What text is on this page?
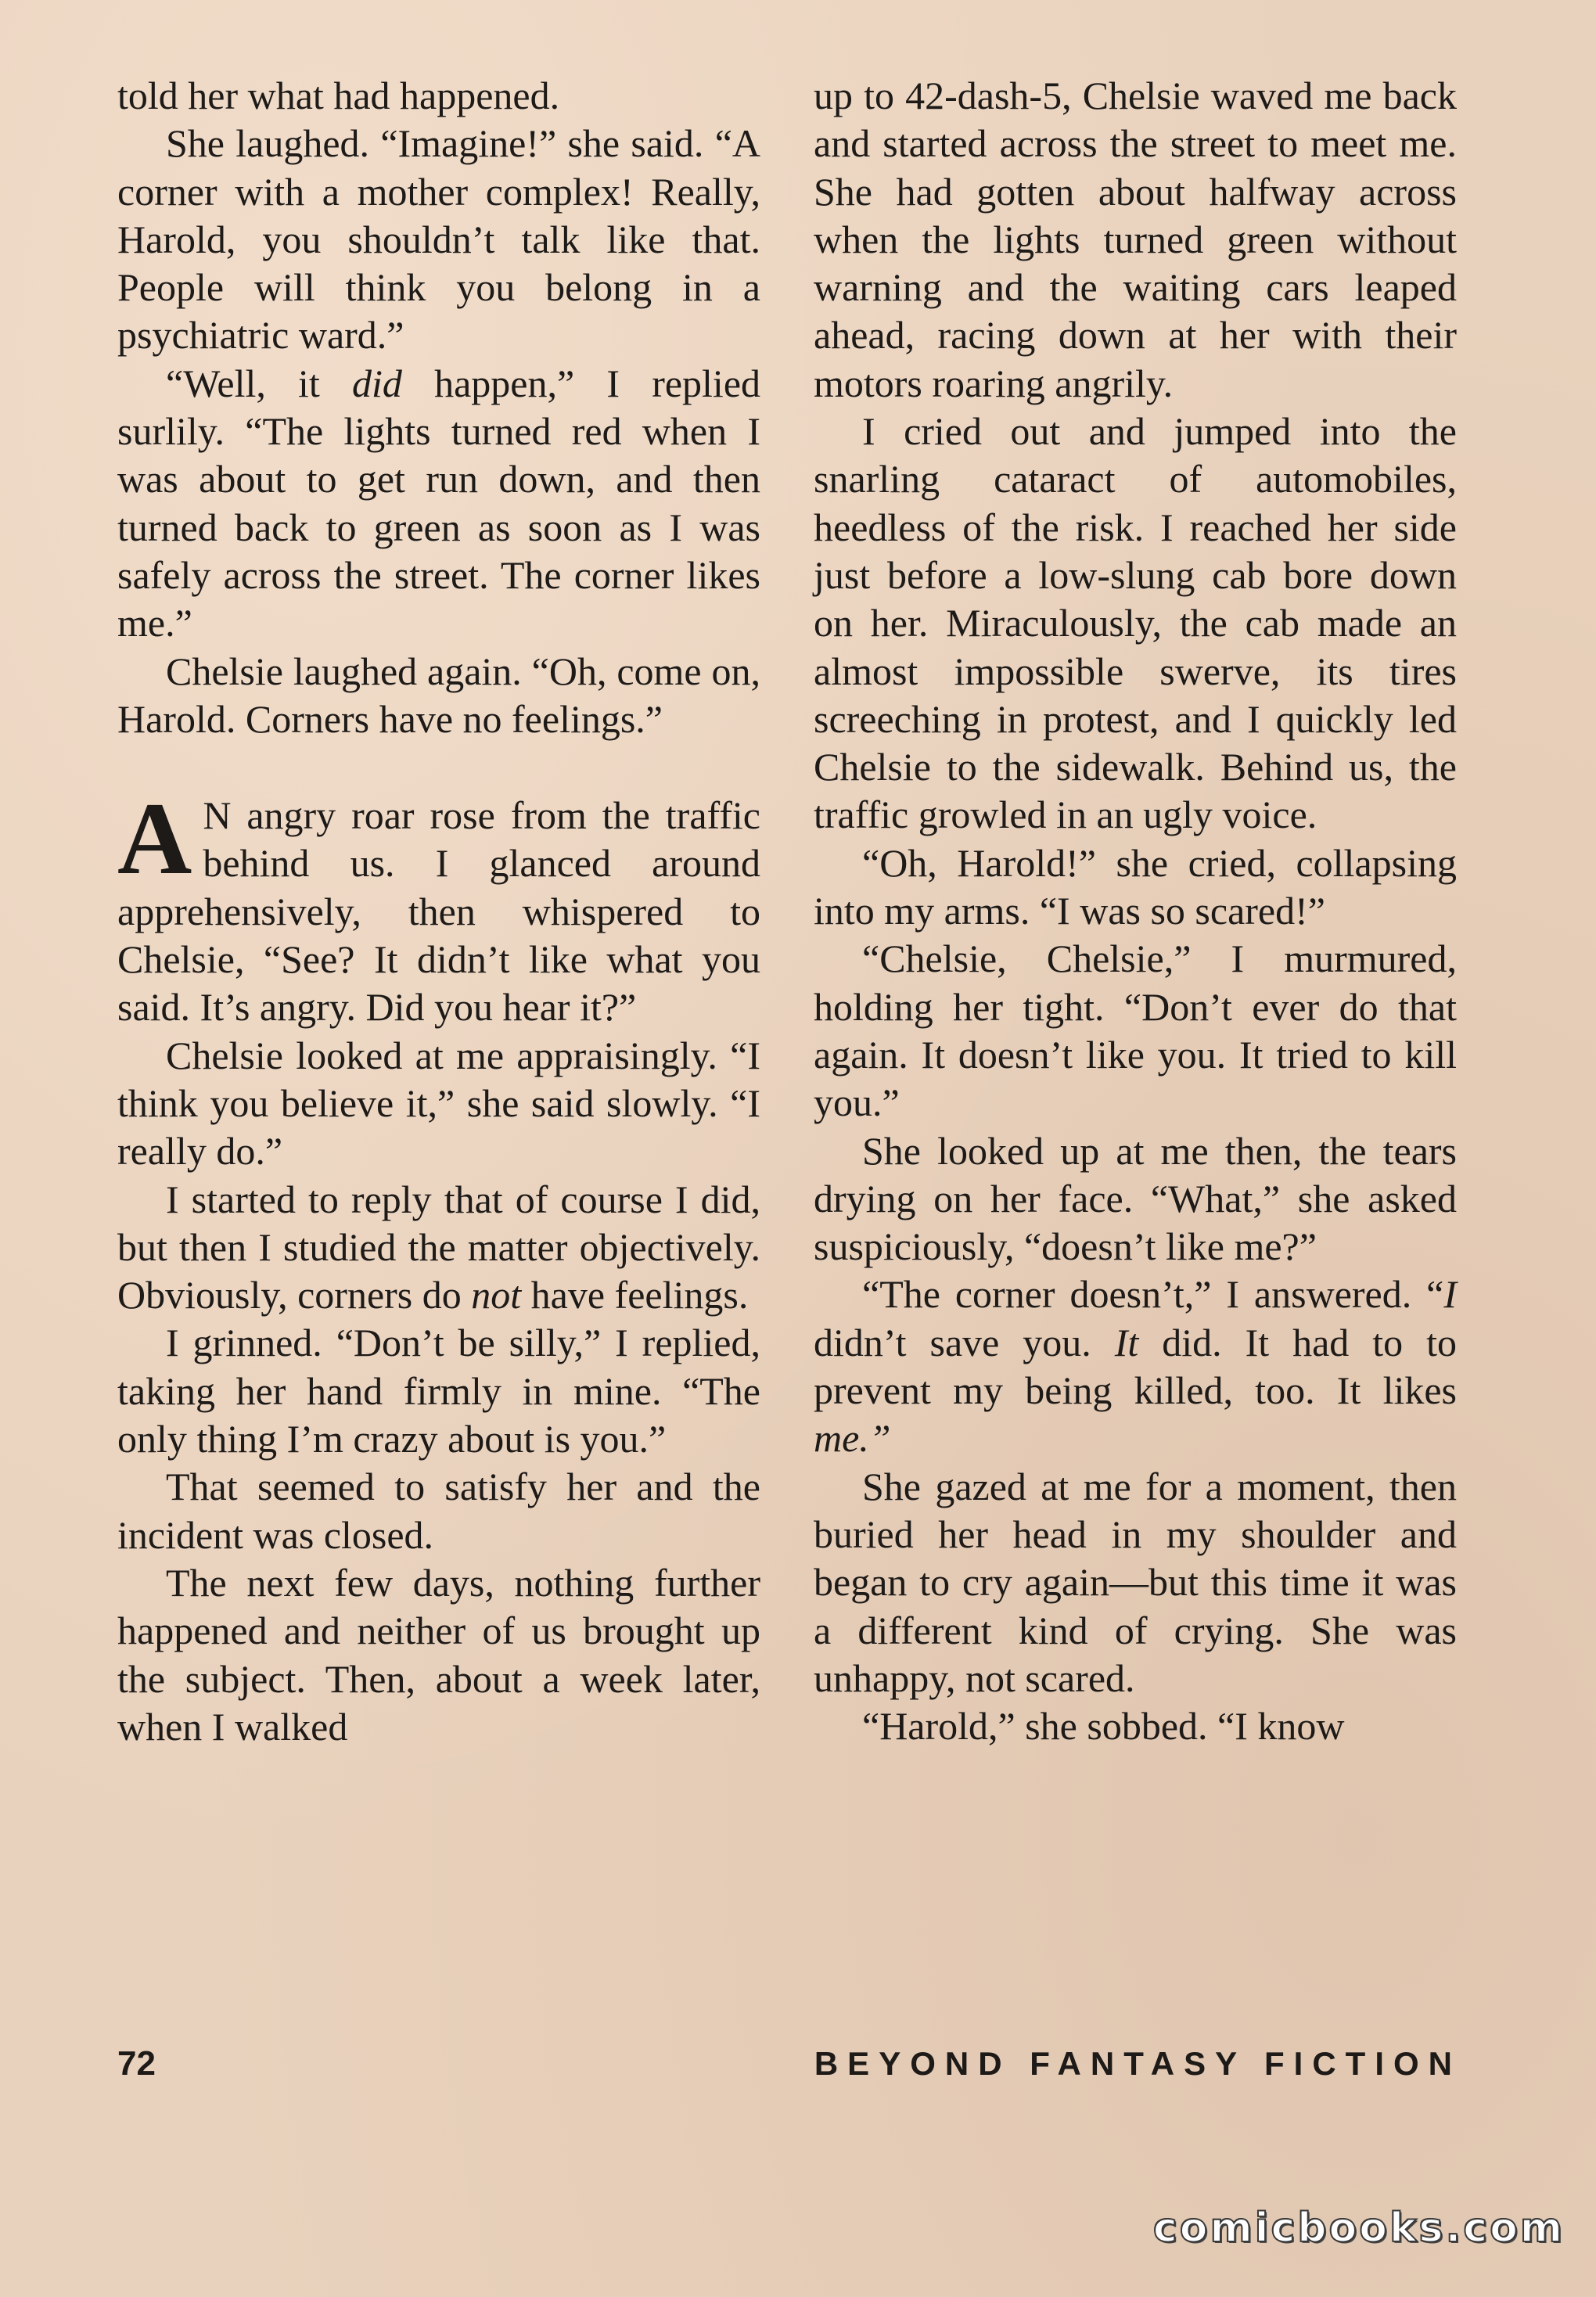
told her what had happened.

She laughed. “Imagine!” she said. “A corner with a mother complex! Really, Harold, you shouldn’t talk like that. People will think you belong in a psychiatric ward.”

“Well, it did happen,” I replied surlily. “The lights turned red when I was about to get run down, and then turned back to green as soon as I was safely across the street. The corner likes me.”

Chelsie laughed again. “Oh, come on, Harold. Corners have no feelings.”

A N angry roar rose from the traffic behind us. I glanced around apprehensively, then whispered to Chelsie, “See? It didn’t like what you said. It’s angry. Did you hear it?”

Chelsie looked at me appraisingly. “I think you believe it,” she said slowly. “I really do.”

I started to reply that of course I did, but then I studied the matter objectively. Obviously, corners do not have feelings.

I grinned. “Don’t be silly,” I replied, taking her hand firmly in mine. “The only thing I’m crazy about is you.”

That seemed to satisfy her and the incident was closed.

The next few days, nothing further happened and neither of us brought up the subject. Then, about a week later, when I walked

up to 42-dash-5, Chelsie waved me back and started across the street to meet me. She had gotten about halfway across when the lights turned green without warning and the waiting cars leaped ahead, racing down at her with their motors roaring angrily.

I cried out and jumped into the snarling cataract of automobiles, heedless of the risk. I reached her side just before a low-slung cab bore down on her. Miraculously, the cab made an almost impossible swerve, its tires screeching in protest, and I quickly led Chelsie to the sidewalk. Behind us, the traffic growled in an ugly voice.

“Oh, Harold!” she cried, collapsing into my arms. “I was so scared!”

“Chelsie, Chelsie,” I murmured, holding her tight. “Don’t ever do that again. It doesn’t like you. It tried to kill you.”

She looked up at me then, the tears drying on her face. “What,” she asked suspiciously, “doesn’t like me?”

“The corner doesn’t,” I answered. “I didn’t save you. It did. It had to to prevent my being killed, too. It likes me.”

She gazed at me for a moment, then buried her head in my shoulder and began to cry again—but this time it was a different kind of crying. She was unhappy, not scared.

“Harold,” she sobbed. “I know

72	BEYOND FANTASY FICTION
comicbooks.com
